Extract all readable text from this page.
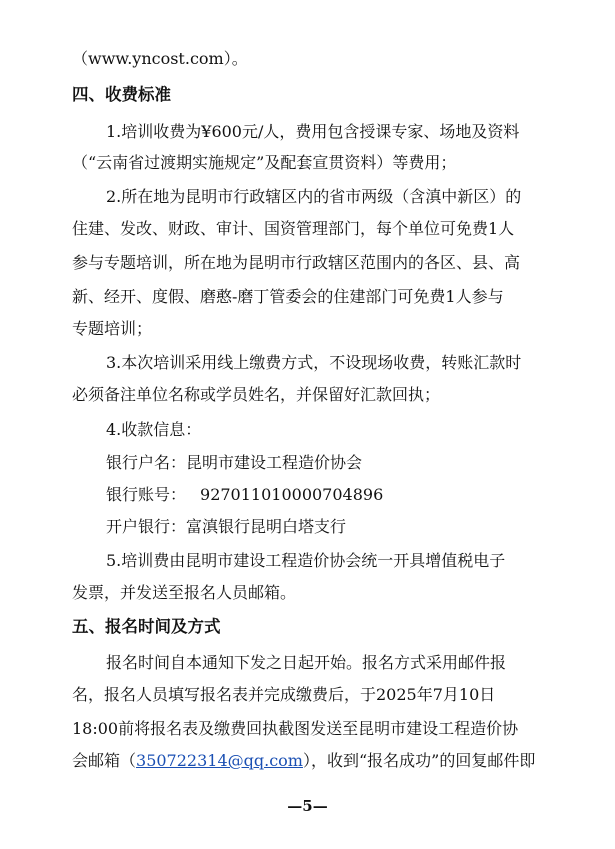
（www.yncost.com）。
四、收费标准
1.培训收费为¥600元/人，费用包含授课专家、场地及资料
（“云南省过渡期实施规定”及配套宣贯资料）等费用；
2.所在地为昆明市行政辖区内的省市两级（含滇中新区）的
住建、发改、财政、审计、国资管理部门，每个单位可免费1人
参与专题培训，所在地为昆明市行政辖区范围内的各区、县、高
新、经开、度假、磨憨-磨丁管委会的住建部门可免费1人参与
专题培训；
3.本次培训采用线上缴费方式，不设现场收费，转账汇款时
必须备注单位名称或学员姓名，并保留好汇款回执；
4.收款信息：
银行户名：昆明市建设工程造价协会
银行账号： 927011010000704896
开户银行：富滇银行昆明白塔支行
5.培训费由昆明市建设工程造价协会统一开具增值税电子
发票，并发送至报名人员邮箱。
五、报名时间及方式
报名时间自本通知下发之日起开始。报名方式采用邮件报
名，报名人员填写报名表并完成缴费后，于2025年7月10日
18:00前将报名表及缴费回执截图发送至昆明市建设工程造价协
会邮箱（350722314@qq.com），收到“报名成功”的回复邮件即
—5—
